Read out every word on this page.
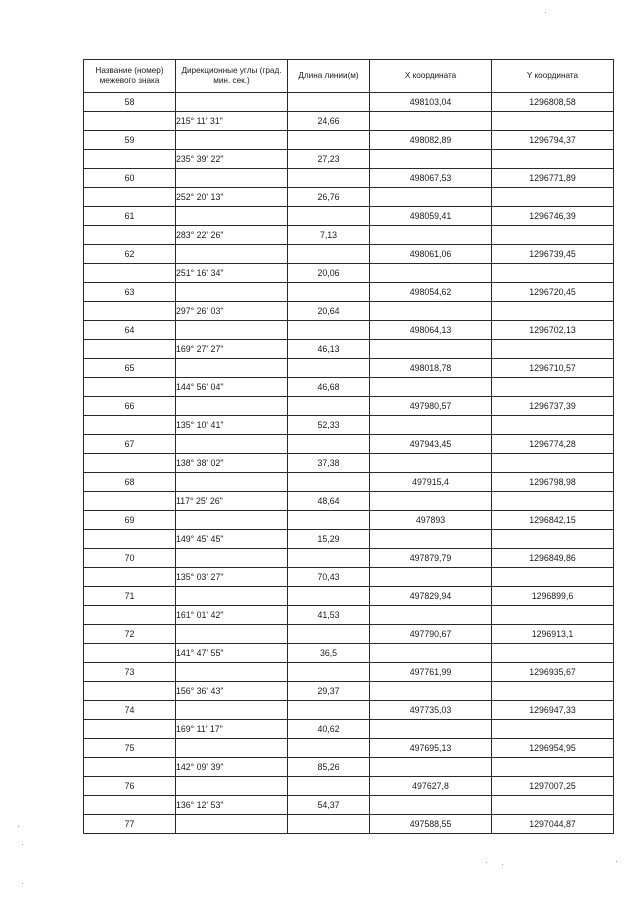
Название (номер) межевого знака	Дирекционные углы (град. мин. сек.)	Длина линии(м)	X координата	Y координата

58			498103,04	1296808,58
	215° 11' 31"	24,66		
59			498082,89	1296794,37
	235° 39' 22"	27,23		
60			498067,53	1296771,89
	252° 20' 13"	26,76		
61			498059,41	1296746,39
	283° 22' 26"	7,13		
62			498061,06	1296739,45
	251° 16' 34"	20,06		
63			498054,62	1296720,45
	297° 26' 03"	20,64		
64			498064,13	1296702,13
	169° 27' 27"	46,13		
65			498018,78	1296710,57
	144° 56' 04"	46,68		
66			497980,57	1296737,39
	135° 10' 41"	52,33		
67			497943,45	1296774,28
	138° 38' 02"	37,38		
68			497915,4	1296798,98
	117° 25' 26"	48,64		
69			497893	1296842,15
	149° 45' 45"	15,29		
70			497879,79	1296849,86
	135° 03' 27"	70,43		
71			497829,94	1296899,6
	161° 01' 42"	41,53		
72			497790,67	1296913,1
	141° 47' 55"	36,5		
73			497761,99	1296935,67
	156° 36' 43"	29,37		
74			497735,03	1296947,33
	169° 11' 17"	40,62		
75			497695,13	1296954,95
	142° 09' 39"	85,26		
76			497627,8	1297007,25
	136° 12' 53"	54,37		
77			497588,55	1297044,87
